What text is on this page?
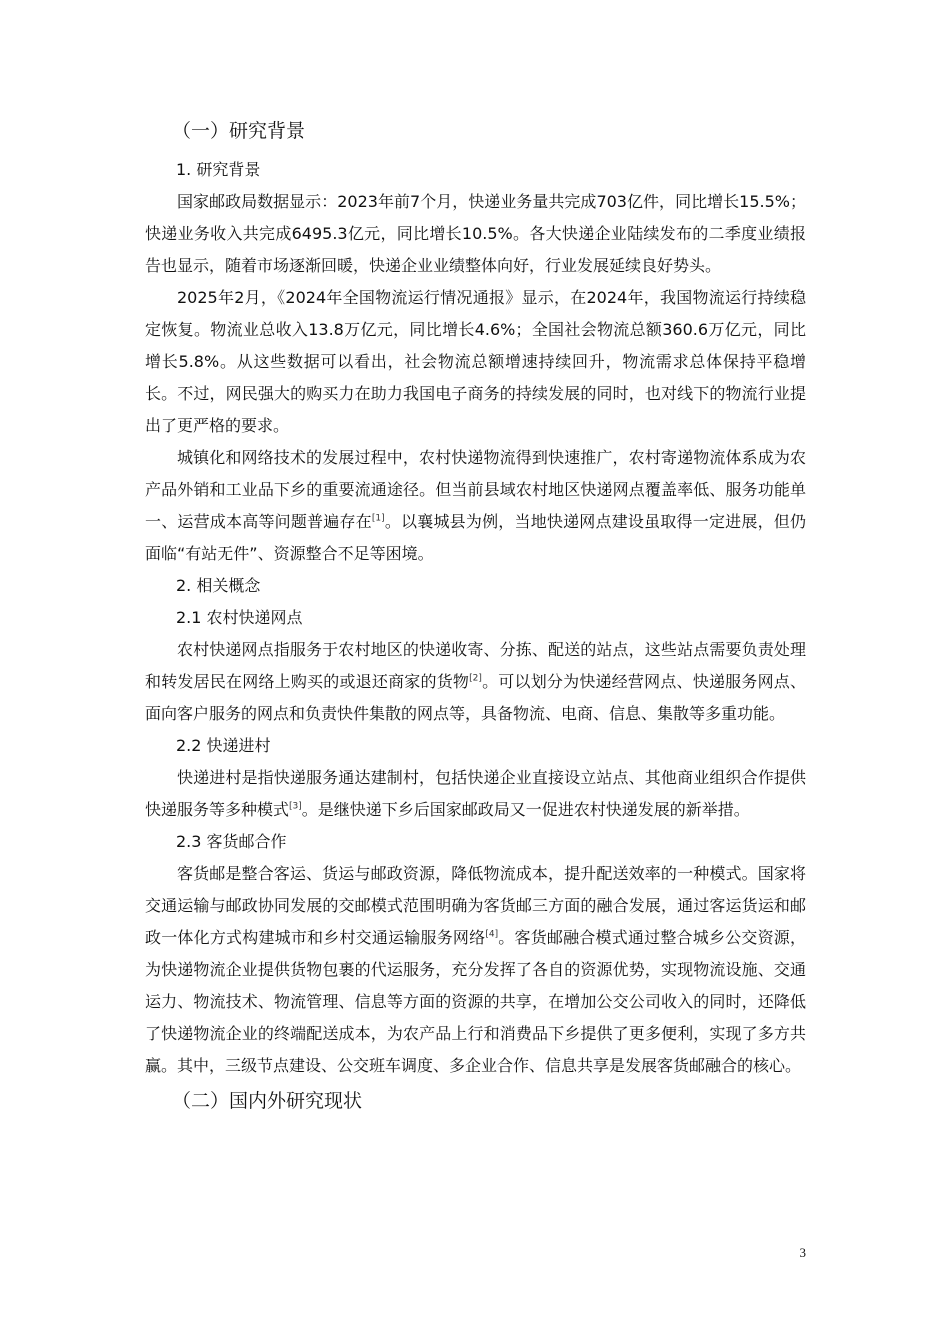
（一）研究背景
1. 研究背景

国家邮政局数据显示：2023年前7个月，快递业务量共完成703亿件，同比增长15.5%；快递业务收入共完成6495.3亿元，同比增长10.5%。各大快递企业陆续发布的二季度业绩报告也显示，随着市场逐渐回暖，快递企业业绩整体向好，行业发展延续良好势头。

2025年2月，《2024年全国物流运行情况通报》显示，在2024年，我国物流运行持续稳定恢复。物流业总收入13.8万亿元，同比增长4.6%；全国社会物流总额360.6万亿元，同比增长5.8%。从这些数据可以看出，社会物流总额增速持续回升，物流需求总体保持平稳增长。不过，网民强大的购买力在助力我国电子商务的持续发展的同时，也对线下的物流行业提出了更严格的要求。

城镇化和网络技术的发展过程中，农村快递物流得到快速推广，农村寄递物流体系成为农产品外销和工业品下乡的重要流通途径。但当前县域农村地区快递网点覆盖率低、服务功能单一、运营成本高等问题普遍存在[1]。以襄城县为例，当地快递网点建设虽取得一定进展，但仍面临“有站无件”、资源整合不足等困境。

2. 相关概念
2.1 农村快递网点

农村快递网点指服务于农村地区的快递收寄、分拣、配送的站点，这些站点需要负责处理和转发居民在网络上购买的或退还商家的货物[2]。可以划分为快递经营网点、快递服务网点、面向客户服务的网点和负责快件集散的网点等，具备物流、电商、信息、集散等多重功能。

2.2 快递进村

快递进村是指快递服务通达建制村，包括快递企业直接设立站点、其他商业组织合作提供快递服务等多种模式[3]。是继快递下乡后国家邮政局又一促进农村快递发展的新举措。

2.3 客货邮合作

客货邮是整合客运、货运与邮政资源，降低物流成本，提升配送效率的一种模式。国家将交通运输与邮政协同发展的交邮模式范围明确为客货邮三方面的融合发展，通过客运货运和邮政一体化方式构建城市和乡村交通运输服务网络[4]。客货邮融合模式通过整合城乡公交资源，为快递物流企业提供货物包裹的代运服务，充分发挥了各自的资源优势，实现物流设施、交通运力、物流技术、物流管理、信息等方面的资源的共享，在增加公交公司收入的同时，还降低了快递物流企业的终端配送成本，为农产品上行和消费品下乡提供了更多便利，实现了多方共赢。其中，三级节点建设、公交班车调度、多企业合作、信息共享是发展客货邮融合的核心。

（二）国内外研究现状
3
